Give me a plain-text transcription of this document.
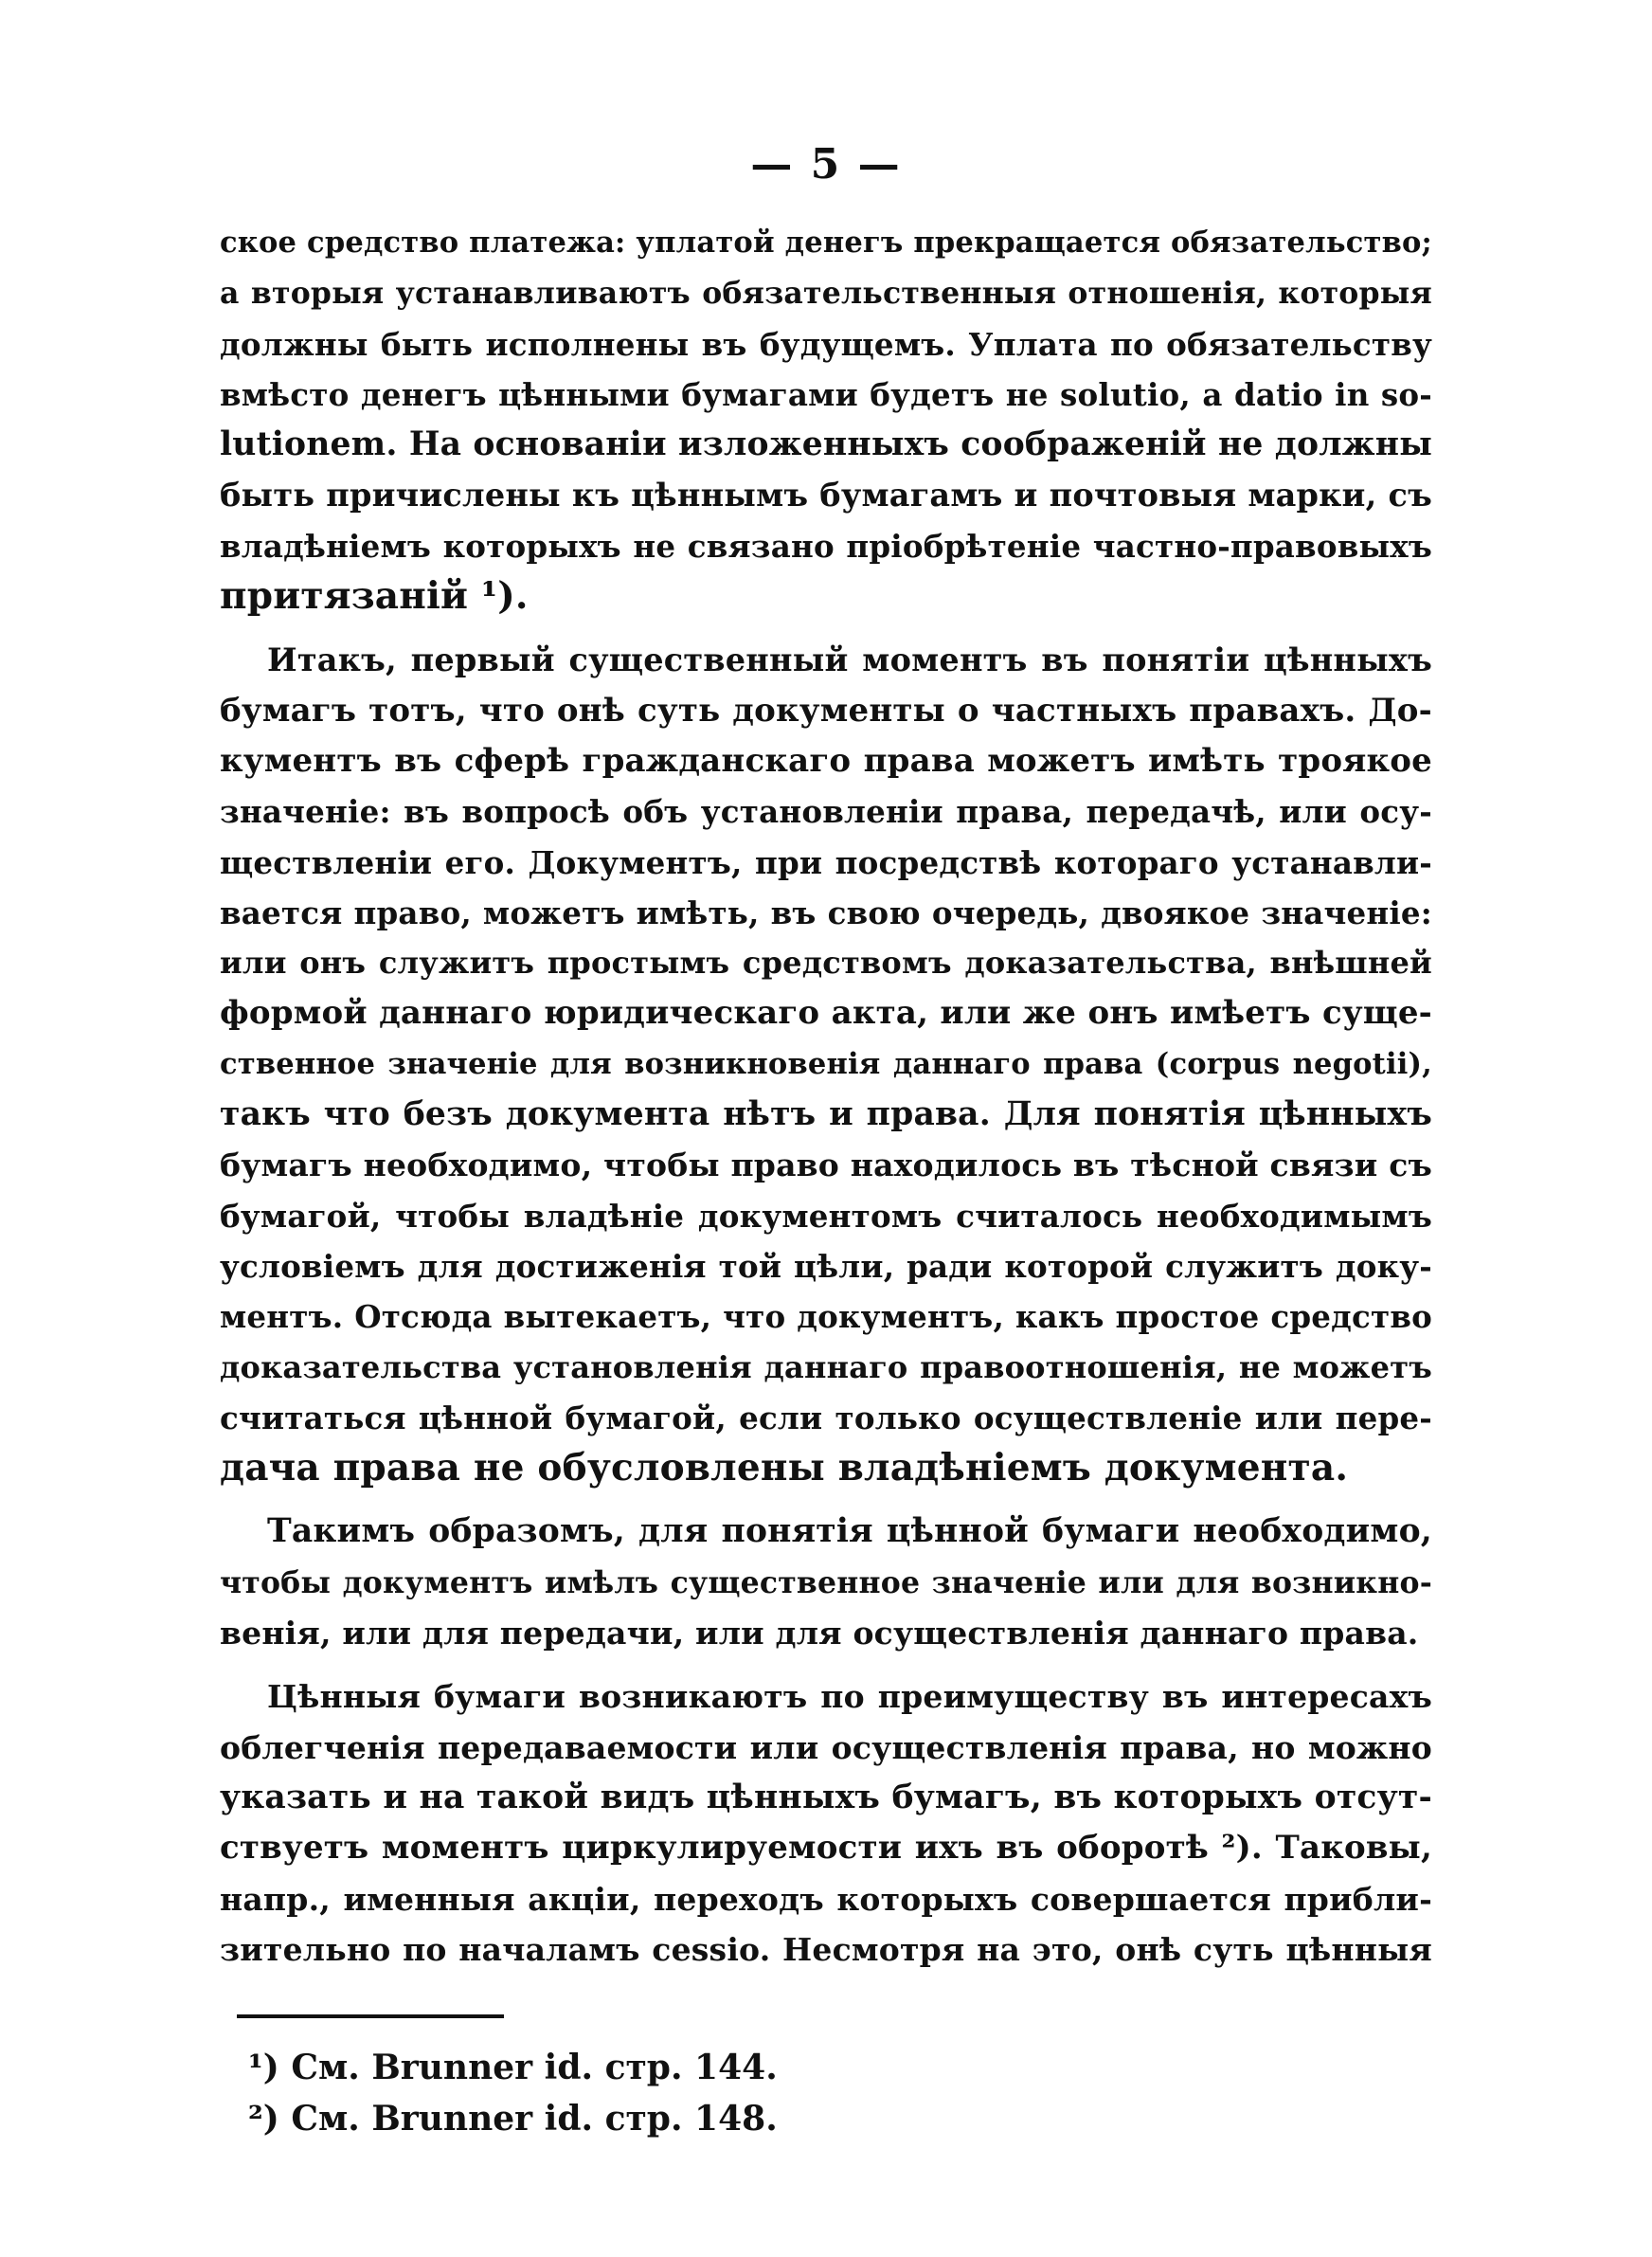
— 5 —
ское средство платежа: уплатой денегъ прекращается обязательство;
а вторыя устанавливаютъ обязательственныя отношенія, которыя
должны быть исполнены въ будущемъ. Уплата по обязательству
вмѣсто денегъ цѣнными бумагами будетъ не solutio, а datio in so-
lutionem. На основаніи изложенныхъ соображеній не должны
быть причислены къ цѣннымъ бумагамъ и почтовыя марки, съ
владѣніемъ которыхъ не связано пріобрѣтеніе частно-правовыхъ
притязаній ¹).
Итакъ, первый существенный моментъ въ понятіи цѣнныхъ
бумагъ тотъ, что онѣ суть документы о частныхъ правахъ. До-
кументъ въ сферѣ гражданскаго права можетъ имѣть троякое
значеніе: въ вопросѣ объ установленіи права, передачѣ, или осу-
ществленіи его. Документъ, при посредствѣ котораго устанавли-
вается право, можетъ имѣть, въ свою очередь, двоякое значеніе:
или онъ служитъ простымъ средствомъ доказательства, внѣшней
формой даннаго юридическаго акта, или же онъ имѣетъ суще-
ственное значеніе для возникновенія даннаго права (corpus negotii),
такъ что безъ документа нѣтъ и права. Для понятія цѣнныхъ
бумагъ необходимо, чтобы право находилось въ тѣсной связи съ
бумагой, чтобы владѣніе документомъ считалось необходимымъ
условіемъ для достиженія той цѣли, ради которой служитъ доку-
ментъ. Отсюда вытекаетъ, что документъ, какъ простое средство
доказательства установленія даннаго правоотношенія, не можетъ
считаться цѣнной бумагой, если только осуществленіе или пере-
дача права не обусловлены владѣніемъ документа.
Такимъ образомъ, для понятія цѣнной бумаги необходимо,
чтобы документъ имѣлъ существенное значеніе или для возникно-
венія, или для передачи, или для осуществленія даннаго права.
Цѣнныя бумаги возникаютъ по преимуществу въ интересахъ
облегченія передаваемости или осуществленія права, но можно
указать и на такой видъ цѣнныхъ бумагъ, въ которыхъ отсут-
ствуетъ моментъ циркулируемости ихъ въ оборотѣ ²). Таковы,
напр., именныя акціи, переходъ которыхъ совершается прибли-
зительно по началамъ cessio. Несмотря на это, онѣ суть цѣнныя
¹) См. Brunner id. стр. 144.
²) См. Brunner id. стр. 148.
